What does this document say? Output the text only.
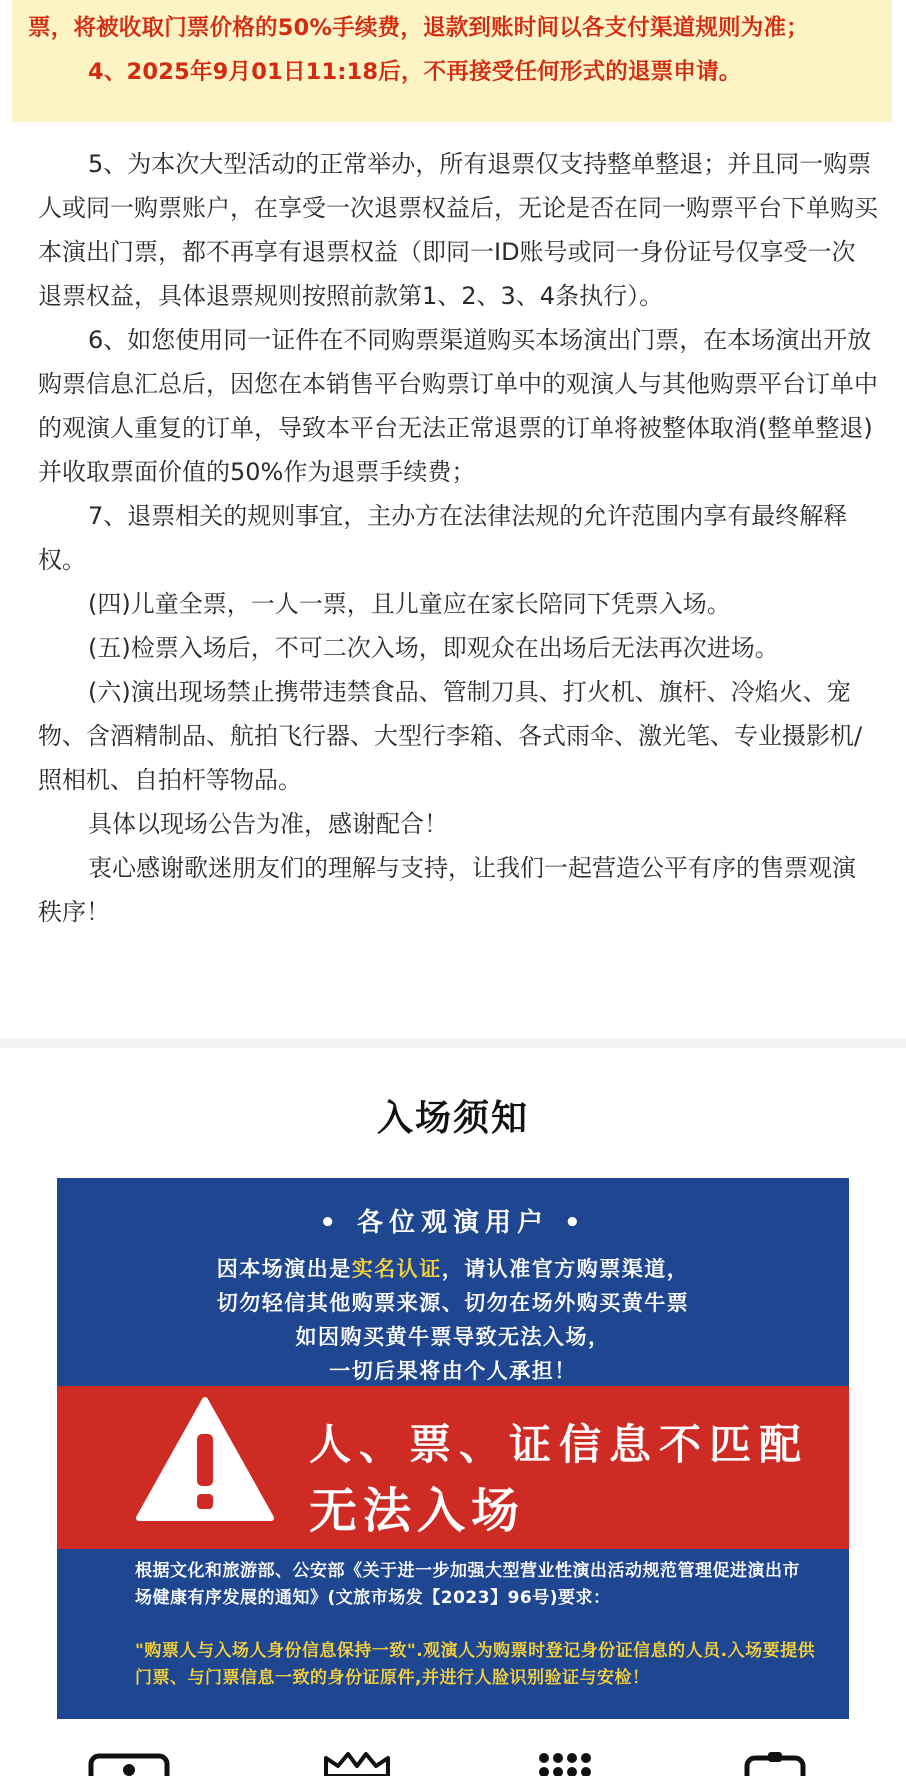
票，将被收取门票价格的50%手续费，退款到账时间以各支付渠道规则为准；

4、2025年9月01日11:18后，不再接受任何形式的退票申请。

5、为本次大型活动的正常举办，所有退票仅支持整单整退；并且同一购票人或同一购票账户，在享受一次退票权益后，无论是否在同一购票平台下单购买本演出门票，都不再享有退票权益（即同一ID账号或同一身份证号仅享受一次退票权益，具体退票规则按照前款第1、2、3、4条执行）。

6、如您使用同一证件在不同购票渠道购买本场演出门票，在本场演出开放购票信息汇总后，因您在本销售平台购票订单中的观演人与其他购票平台订单中的观演人重复的订单，导致本平台无法正常退票的订单将被整体取消(整单整退)并收取票面价值的50%作为退票手续费；

7、退票相关的规则事宜，主办方在法律法规的允许范围内享有最终解释权。

(四)儿童全票，一人一票，且儿童应在家长陪同下凭票入场。

(五)检票入场后，不可二次入场，即观众在出场后无法再次进场。

(六)演出现场禁止携带违禁食品、管制刀具、打火机、旗杆、冷焰火、宠物、含酒精制品、航拍飞行器、大型行李箱、各式雨伞、激光笔、专业摄影机/照相机、自拍杆等物品。

具体以现场公告为准，感谢配合！

衷心感谢歌迷朋友们的理解与支持，让我们一起营造公平有序的售票观演秩序！

入场须知
• 各位观演用户 •
因本场演出是实名认证，请认准官方购票渠道，
切勿轻信其他购票来源、切勿在场外购买黄牛票
如因购买黄牛票导致无法入场，
一切后果将由个人承担！
人、票、证信息不匹配
无法入场
根据文化和旅游部、公安部《关于进一步加强大型营业性演出活动规范管理促进演出市场健康有序发展的通知》(文旅市场发【2023】96号)要求：
"购票人与入场人身份信息保持一致".观演人为购票时登记身份证信息的人员.入场要提供门票、与门票信息一致的身份证原件,并进行人脸识别验证与安检！
